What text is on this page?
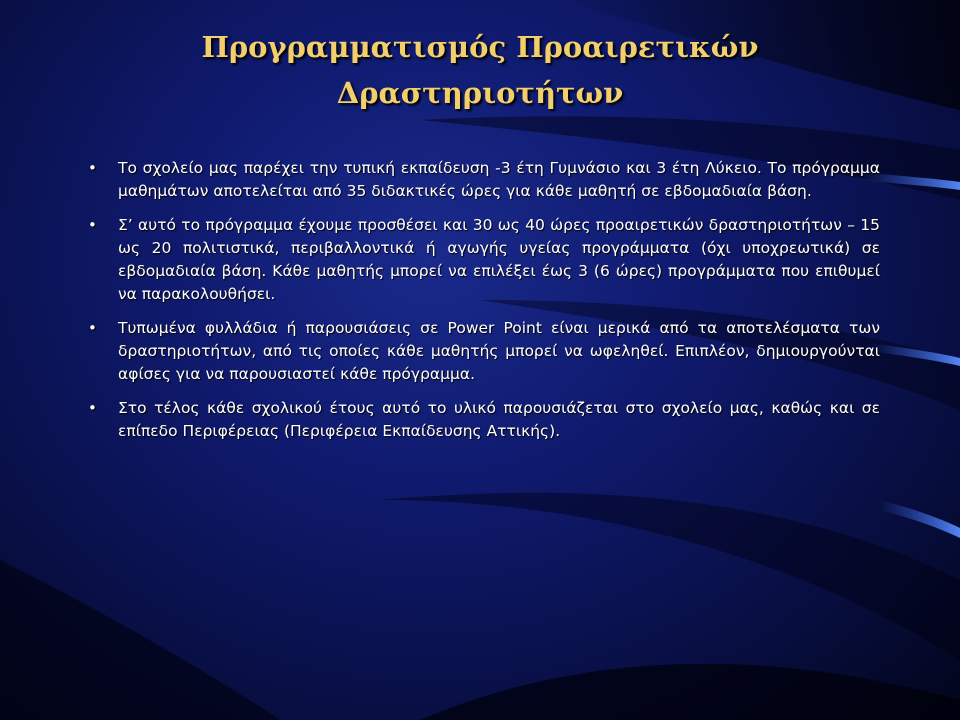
Προγραμματισμός Προαιρετικών
Δραστηριοτήτων
• Το σχολείο μας παρέχει την τυπική εκπαίδευση -3 έτη Γυμνάσιο και 3 έτη Λύκειο. Το πρόγραμμα μαθημάτων αποτελείται από 35 διδακτικές ώρες για κάθε μαθητή σε εβδομαδιαία βάση.
• Σ’ αυτό το πρόγραμμα έχουμε προσθέσει και 30 ως 40 ώρες προαιρετικών δραστηριοτήτων – 15 ως 20 πολιτιστικά, περιβαλλοντικά ή αγωγής υγείας προγράμματα (όχι υποχρεωτικά) σε εβδομαδιαία βάση. Κάθε μαθητής μπορεί να επιλέξει έως 3 (6 ώρες) προγράμματα που επιθυμεί να παρακολουθήσει.
• Τυπωμένα φυλλάδια ή παρουσιάσεις σε Power Point είναι μερικά από τα αποτελέσματα των δραστηριοτήτων, από τις οποίες κάθε μαθητής μπορεί να ωφεληθεί. Επιπλέον, δημιουργούνται αφίσες για να παρουσιαστεί κάθε πρόγραμμα.
• Στο τέλος κάθε σχολικού έτους αυτό το υλικό παρουσιάζεται στο σχολείο μας, καθώς και σε επίπεδο Περιφέρειας (Περιφέρεια Εκπαίδευσης Αττικής).
